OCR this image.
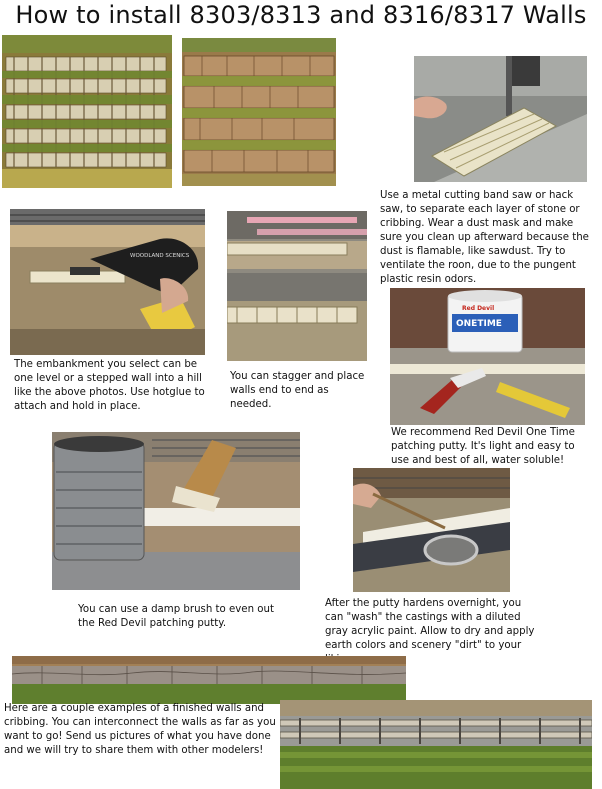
How to install 8303/8313 and 8316/8317 Walls
Use a metal cutting band saw or hack saw, to separate each layer of stone or cribbing. Wear a dust mask and make sure you clean up afterward because the dust is flamable, like sawdust. Try to ventilate the roon, due to the pungent plastic resin odors.
WOODLAND SCENICS
The embankment you select can be one level or a stepped wall into a hill like the above photos. Use hotglue to attach and hold in place.
You can stagger and place walls end to end as needed.
Red Devil
ONETIME
We recommend Red Devil One Time patching putty. It's light and easy to use and best of all, water soluble!
You can use a damp brush to even out the Red Devil patching putty.
After the putty hardens overnight, you can "wash" the castings with a diluted gray acrylic paint. Allow to dry and apply earth colors and scenery "dirt" to your
Here are a couple examples of a finished walls and cribbing. You can interconnect the walls as far as you want to go! Send us pictures of what you have done and we will try to share them with other modelers!
